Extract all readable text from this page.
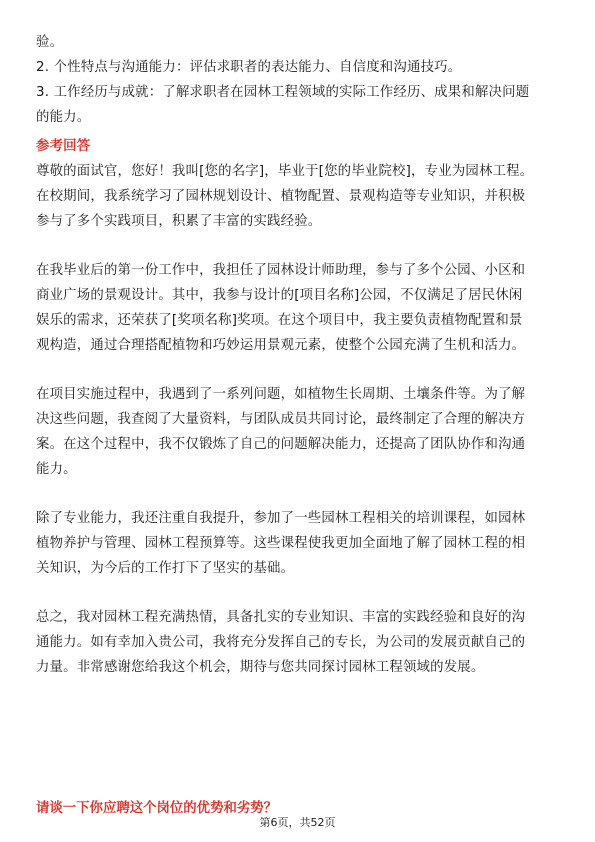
验。
2. 个性特点与沟通能力：评估求职者的表达能力、自信度和沟通技巧。
3. 工作经历与成就：了解求职者在园林工程领域的实际工作经历、成果和解决问题
的能力。
参考回答
尊敬的面试官，您好！我叫[您的名字]，毕业于[您的毕业院校]，专业为园林工程。
在校期间，我系统学习了园林规划设计、植物配置、景观构造等专业知识，并积极
参与了多个实践项目，积累了丰富的实践经验。
在我毕业后的第一份工作中，我担任了园林设计师助理，参与了多个公园、小区和
商业广场的景观设计。其中，我参与设计的[项目名称]公园，不仅满足了居民休闲
娱乐的需求，还荣获了[奖项名称]奖项。在这个项目中，我主要负责植物配置和景
观构造，通过合理搭配植物和巧妙运用景观元素，使整个公园充满了生机和活力。
在项目实施过程中，我遇到了一系列问题，如植物生长周期、土壤条件等。为了解
决这些问题，我查阅了大量资料，与团队成员共同讨论，最终制定了合理的解决方
案。在这个过程中，我不仅锻炼了自己的问题解决能力，还提高了团队协作和沟通
能力。
除了专业能力，我还注重自我提升，参加了一些园林工程相关的培训课程，如园林
植物养护与管理、园林工程预算等。这些课程使我更加全面地了解了园林工程的相
关知识，为今后的工作打下了坚实的基础。
总之，我对园林工程充满热情，具备扎实的专业知识、丰富的实践经验和良好的沟
通能力。如有幸加入贵公司，我将充分发挥自己的专长，为公司的发展贡献自己的
力量。非常感谢您给我这个机会，期待与您共同探讨园林工程领域的发展。
请谈一下你应聘这个岗位的优势和劣势？
第6页，共52页
